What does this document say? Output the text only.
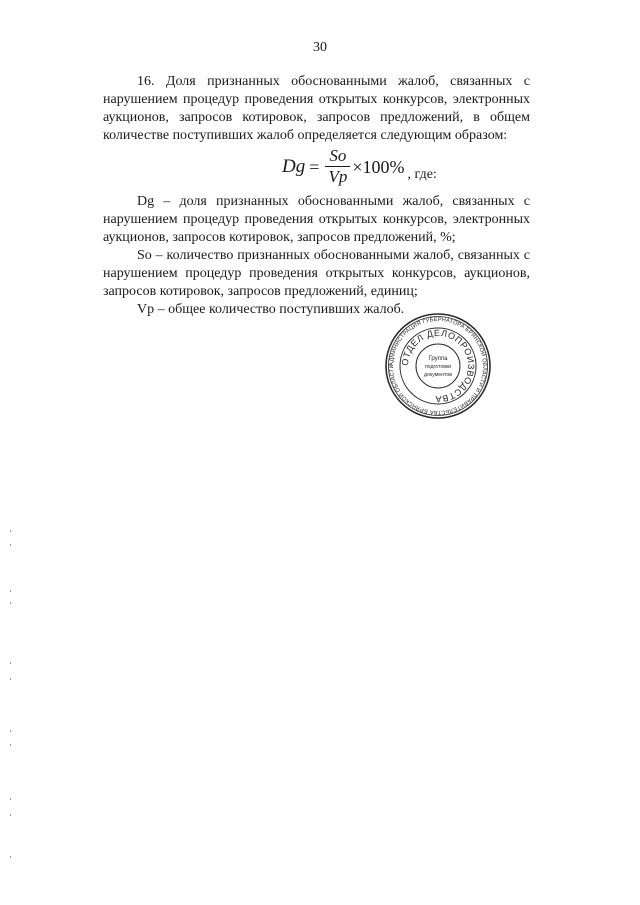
30

16. Доля признанных обоснованными жалоб, связанных с нарушением процедур проведения открытых конкурсов, электронных аукционов, запросов котировок, запросов предложений, в общем количестве поступивших жалоб определяется следующим образом:

$Dg = \frac{So}{Vp} \times 100\%$ , где:

Dg – доля признанных обоснованными жалоб, связанных с нарушением процедур проведения открытых конкурсов, электронных аукционов, запросов котировок, запросов предложений, %;

So – количество признанных обоснованными жалоб, связанных с нарушением процедур проведения открытых конкурсов, аукционов, запросов котировок, запросов предложений, единиц;

Vp – общее количество поступивших жалоб.

АДМИНИСТРАЦИЯ ГУБЕРНАТОРА БРЯНСКОЙ ОБЛАСТИ И ПРАВИТЕЛЬСТВА БРЯНСКОЙ ОБЛАСТИ
ОТДЕЛ ДЕЛОПРОИЗВОДСТВА
Группа
подготовки
документов
